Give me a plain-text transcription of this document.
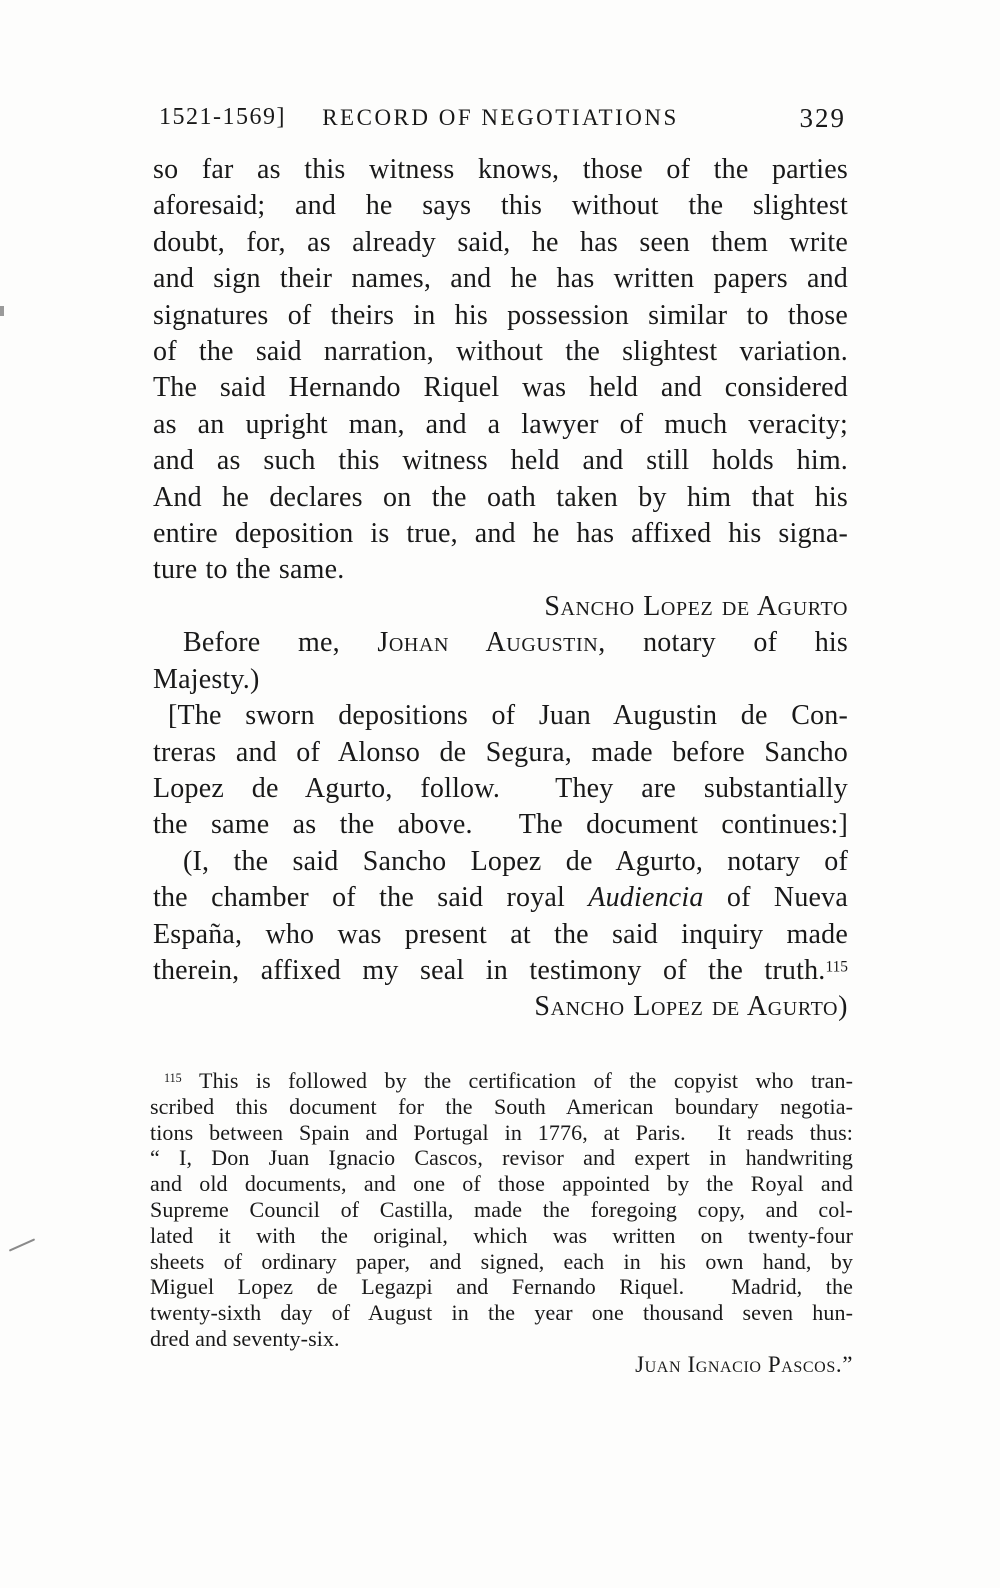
1521-1569]	RECORD OF NEGOTIATIONS	329
so far as this witness knows, those of the parties
aforesaid; and he says this without the slightest
doubt, for, as already said, he has seen them write
and sign their names, and he has written papers and
signatures of theirs in his possession similar to those
of the said narration, without the slightest variation.
The said Hernando Riquel was held and considered
as an upright man, and a lawyer of much veracity;
and as such this witness held and still holds him.
And he declares on the oath taken by him that his
entire deposition is true, and he has affixed his signa-
ture to the same.
Sancho Lopez de Agurto
Before me, Johan Augustin, notary of his
Majesty.)
[The sworn depositions of Juan Augustin de Con-
treras and of Alonso de Segura, made before Sancho
Lopez de Agurto, follow.  They are substantially
the same as the above.  The document continues:]
(I, the said Sancho Lopez de Agurto, notary of
the chamber of the said royal Audiencia of Nueva
España, who was present at the said inquiry made
therein, affixed my seal in testimony of the truth.$^{115}$
Sancho Lopez de Agurto)
$^{115}$ This is followed by the certification of the copyist who tran-
scribed this document for the South American boundary negotia-
tions between Spain and Portugal in 1776, at Paris.  It reads thus:
“ I, Don Juan Ignacio Cascos, revisor and expert in handwriting
and old documents, and one of those appointed by the Royal and
Supreme Council of Castilla, made the foregoing copy, and col-
lated it with the original, which was written on twenty-four
sheets of ordinary paper, and signed, each in his own hand, by
Miguel Lopez de Legazpi and Fernando Riquel.  Madrid, the
twenty-sixth day of August in the year one thousand seven hun-
dred and seventy-six.
Juan Ignacio Pascos.”
